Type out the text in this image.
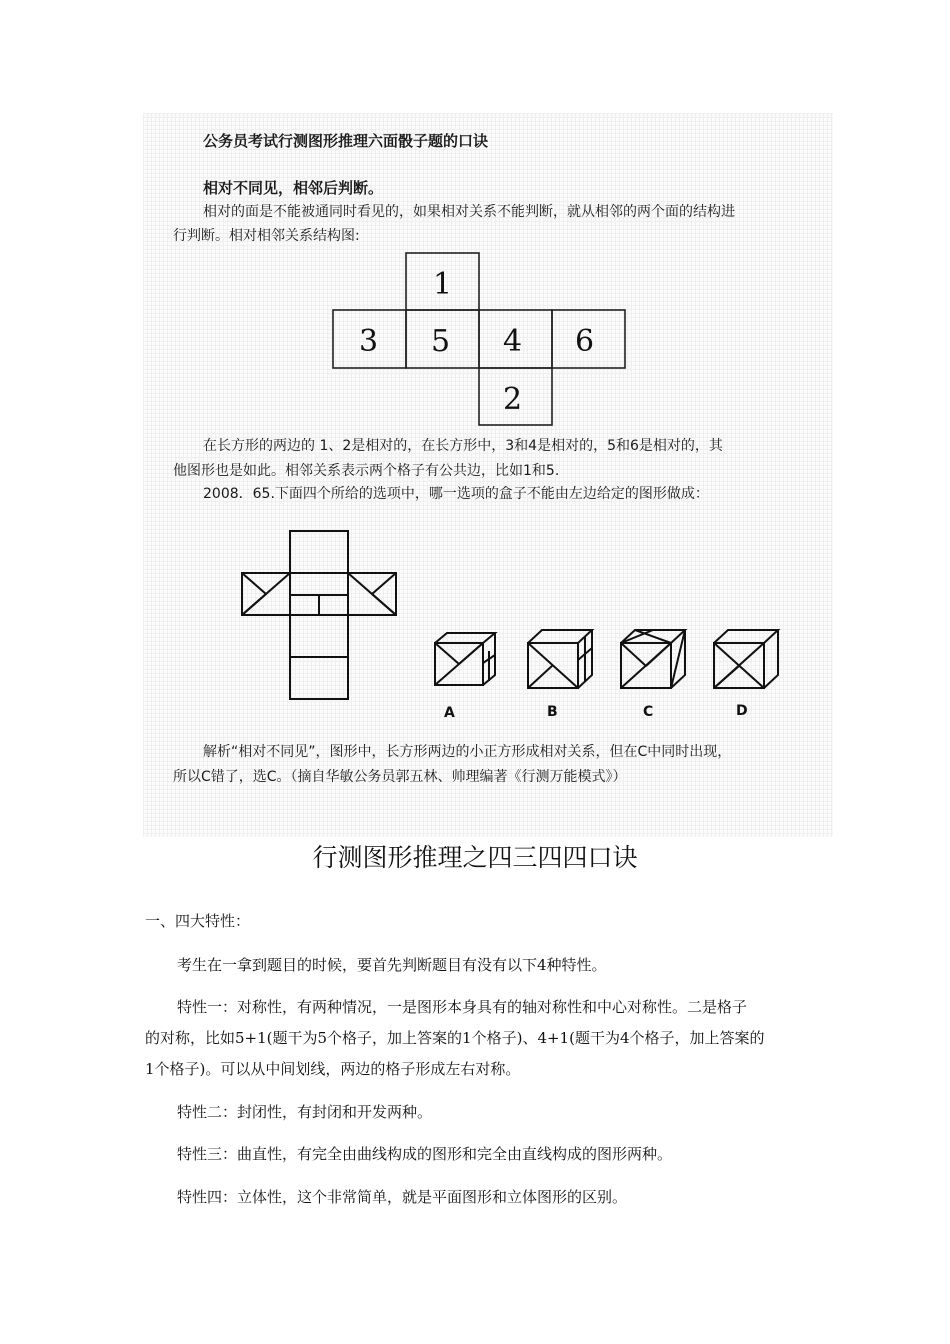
公务员考试行测图形推理六面骰子题的口诀
相对不同见，相邻后判断。
相对的面是不能被通同时看见的，如果相对关系不能判断，就从相邻的两个面的结构进
行判断。相对相邻关系结构图:
1
3 5 4 6
2
A	B	C	D
在长方形的两边的 1、2是相对的，在长方形中，3和4是相对的，5和6是相对的，其
他图形也是如此。相邻关系表示两个格子有公共边，比如1和5.
2008．65.下面四个所给的选项中，哪一选项的盒子不能由左边给定的图形做成：
解析“相对不同见”，图形中，长方形两边的小正方形成相对关系，但在C中同时出现，
所以C错了，选C。（摘自华敏公务员郭五林、帅理编著《行测万能模式》）
行测图形推理之四三四四口诀
一、四大特性：
考生在一拿到题目的时候，要首先判断题目有没有以下4种特性。
特性一：对称性，有两种情况，一是图形本身具有的轴对称性和中心对称性。二是格子
的对称，比如5+1(题干为5个格子，加上答案的1个格子)、4+1(题干为4个格子，加上答案的
1个格子)。可以从中间划线，两边的格子形成左右对称。
特性二：封闭性，有封闭和开发两种。
特性三：曲直性，有完全由曲线构成的图形和完全由直线构成的图形两种。
特性四：立体性，这个非常简单，就是平面图形和立体图形的区别。
